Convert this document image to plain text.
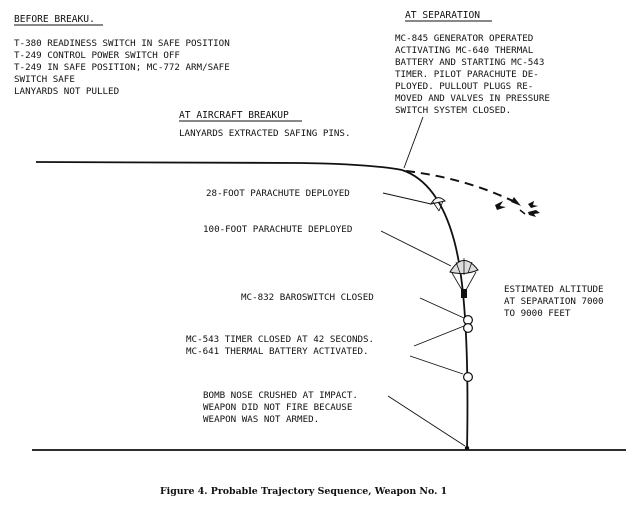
BEFORE BREAKU.
T-380 READINESS SWITCH IN SAFE POSITION
T-249 CONTROL POWER SWITCH OFF
T-249 IN SAFE POSITION; MC-772 ARM/SAFE
SWITCH SAFE
LANYARDS NOT PULLED
AT SEPARATION
MC-845 GENERATOR OPERATED
ACTIVATING MC-640 THERMAL
BATTERY AND STARTING MC-543
TIMER. PILOT PARACHUTE DE-
PLOYED. PULLOUT PLUGS RE-
MOVED AND VALVES IN PRESSURE
SWITCH SYSTEM CLOSED.
AT AIRCRAFT BREAKUP
LANYARDS EXTRACTED SAFING PINS.
28-FOOT PARACHUTE DEPLOYED
100-FOOT PARACHUTE DEPLOYED
MC-832 BAROSWITCH CLOSED
MC-543 TIMER CLOSED AT 42 SECONDS.
MC-641 THERMAL BATTERY ACTIVATED.
BOMB NOSE CRUSHED AT IMPACT.
WEAPON DID NOT FIRE BECAUSE
WEAPON WAS NOT ARMED.
ESTIMATED ALTITUDE
AT SEPARATION 7000
TO 9000 FEET
Figure 4. Probable Trajectory Sequence, Weapon No. 1
